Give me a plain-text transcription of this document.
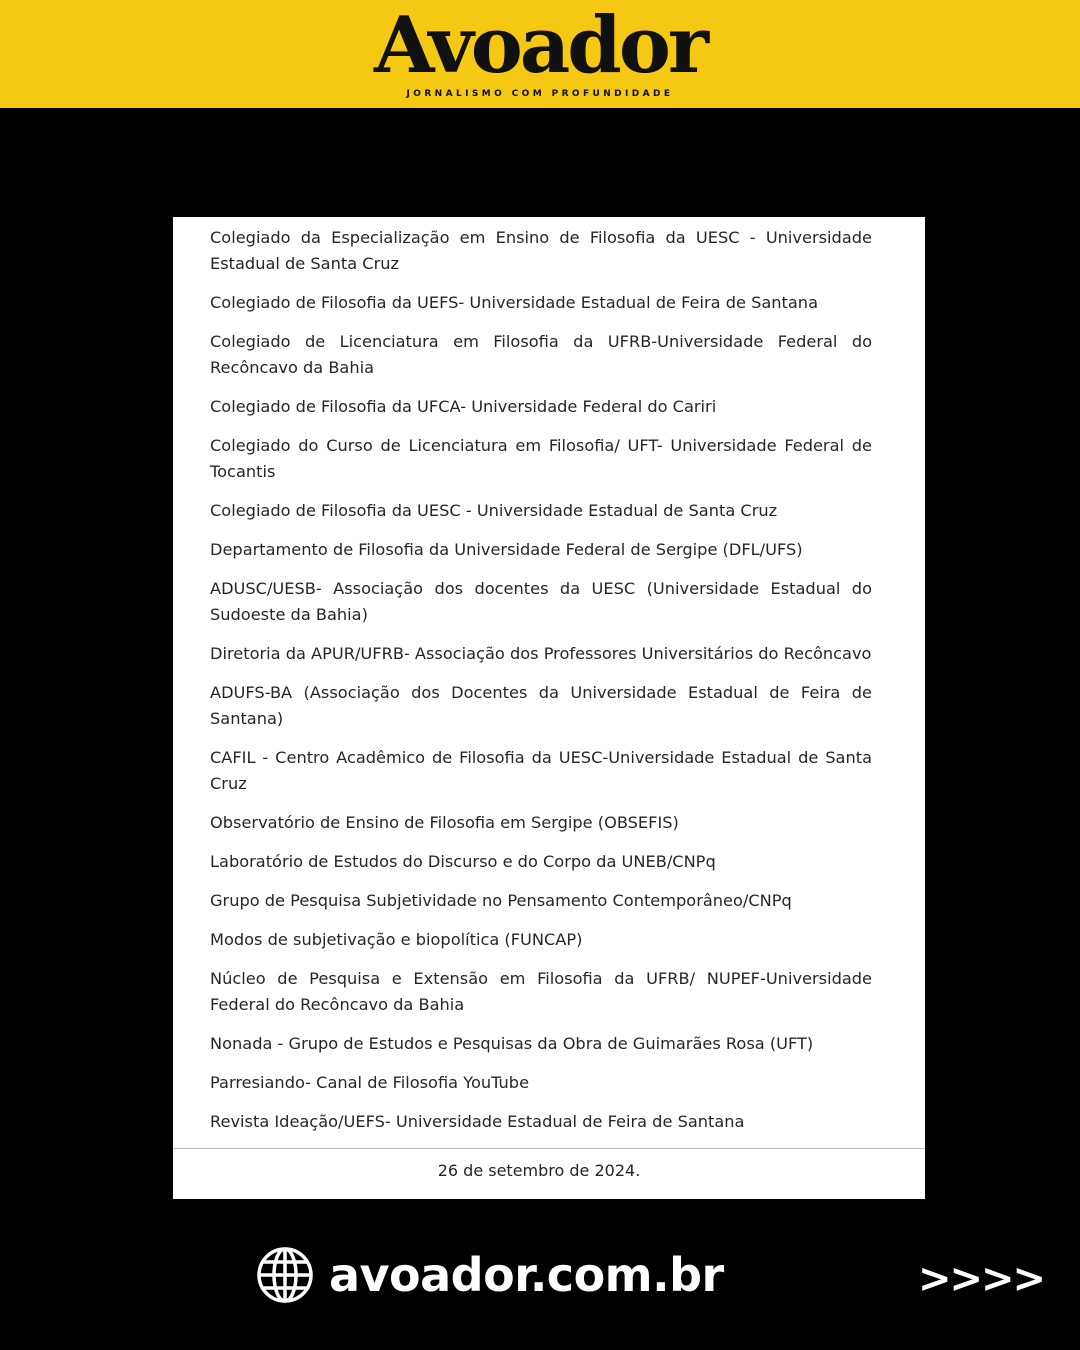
Avoador
JORNALISMO COM PROFUNDIDADE

Colegiado da Especialização em Ensino de Filosofia da UESC - Universidade Estadual de Santa Cruz

Colegiado de Filosofia da UEFS- Universidade Estadual de Feira de Santana

Colegiado de Licenciatura em Filosofia da UFRB-Universidade Federal do Recôncavo da Bahia

Colegiado de Filosofia da UFCA- Universidade Federal do Cariri

Colegiado do Curso de Licenciatura em Filosofia/ UFT- Universidade Federal de Tocantis

Colegiado de Filosofia da UESC - Universidade Estadual de Santa Cruz

Departamento de Filosofia da Universidade Federal de Sergipe (DFL/UFS)

ADUSC/UESB- Associação dos docentes da UESC (Universidade Estadual do Sudoeste da Bahia)

Diretoria da APUR/UFRB- Associação dos Professores Universitários do Recôncavo

ADUFS-BA (Associação dos Docentes da Universidade Estadual de Feira de Santana)

CAFIL - Centro Acadêmico de Filosofia da UESC-Universidade Estadual de Santa Cruz

Observatório de Ensino de Filosofia em Sergipe (OBSEFIS)

Laboratório de Estudos do Discurso e do Corpo da UNEB/CNPq

Grupo de Pesquisa Subjetividade no Pensamento Contemporâneo/CNPq

Modos de subjetivação e biopolítica (FUNCAP)

Núcleo de Pesquisa e Extensão em Filosofia da UFRB/ NUPEF-Universidade Federal do Recôncavo da Bahia

Nonada - Grupo de Estudos e Pesquisas da Obra de Guimarães Rosa (UFT)

Parresiando- Canal de Filosofia YouTube

Revista Ideação/UEFS- Universidade Estadual de Feira de Santana

26 de setembro de 2024.
avoador.com.br	>>>>
